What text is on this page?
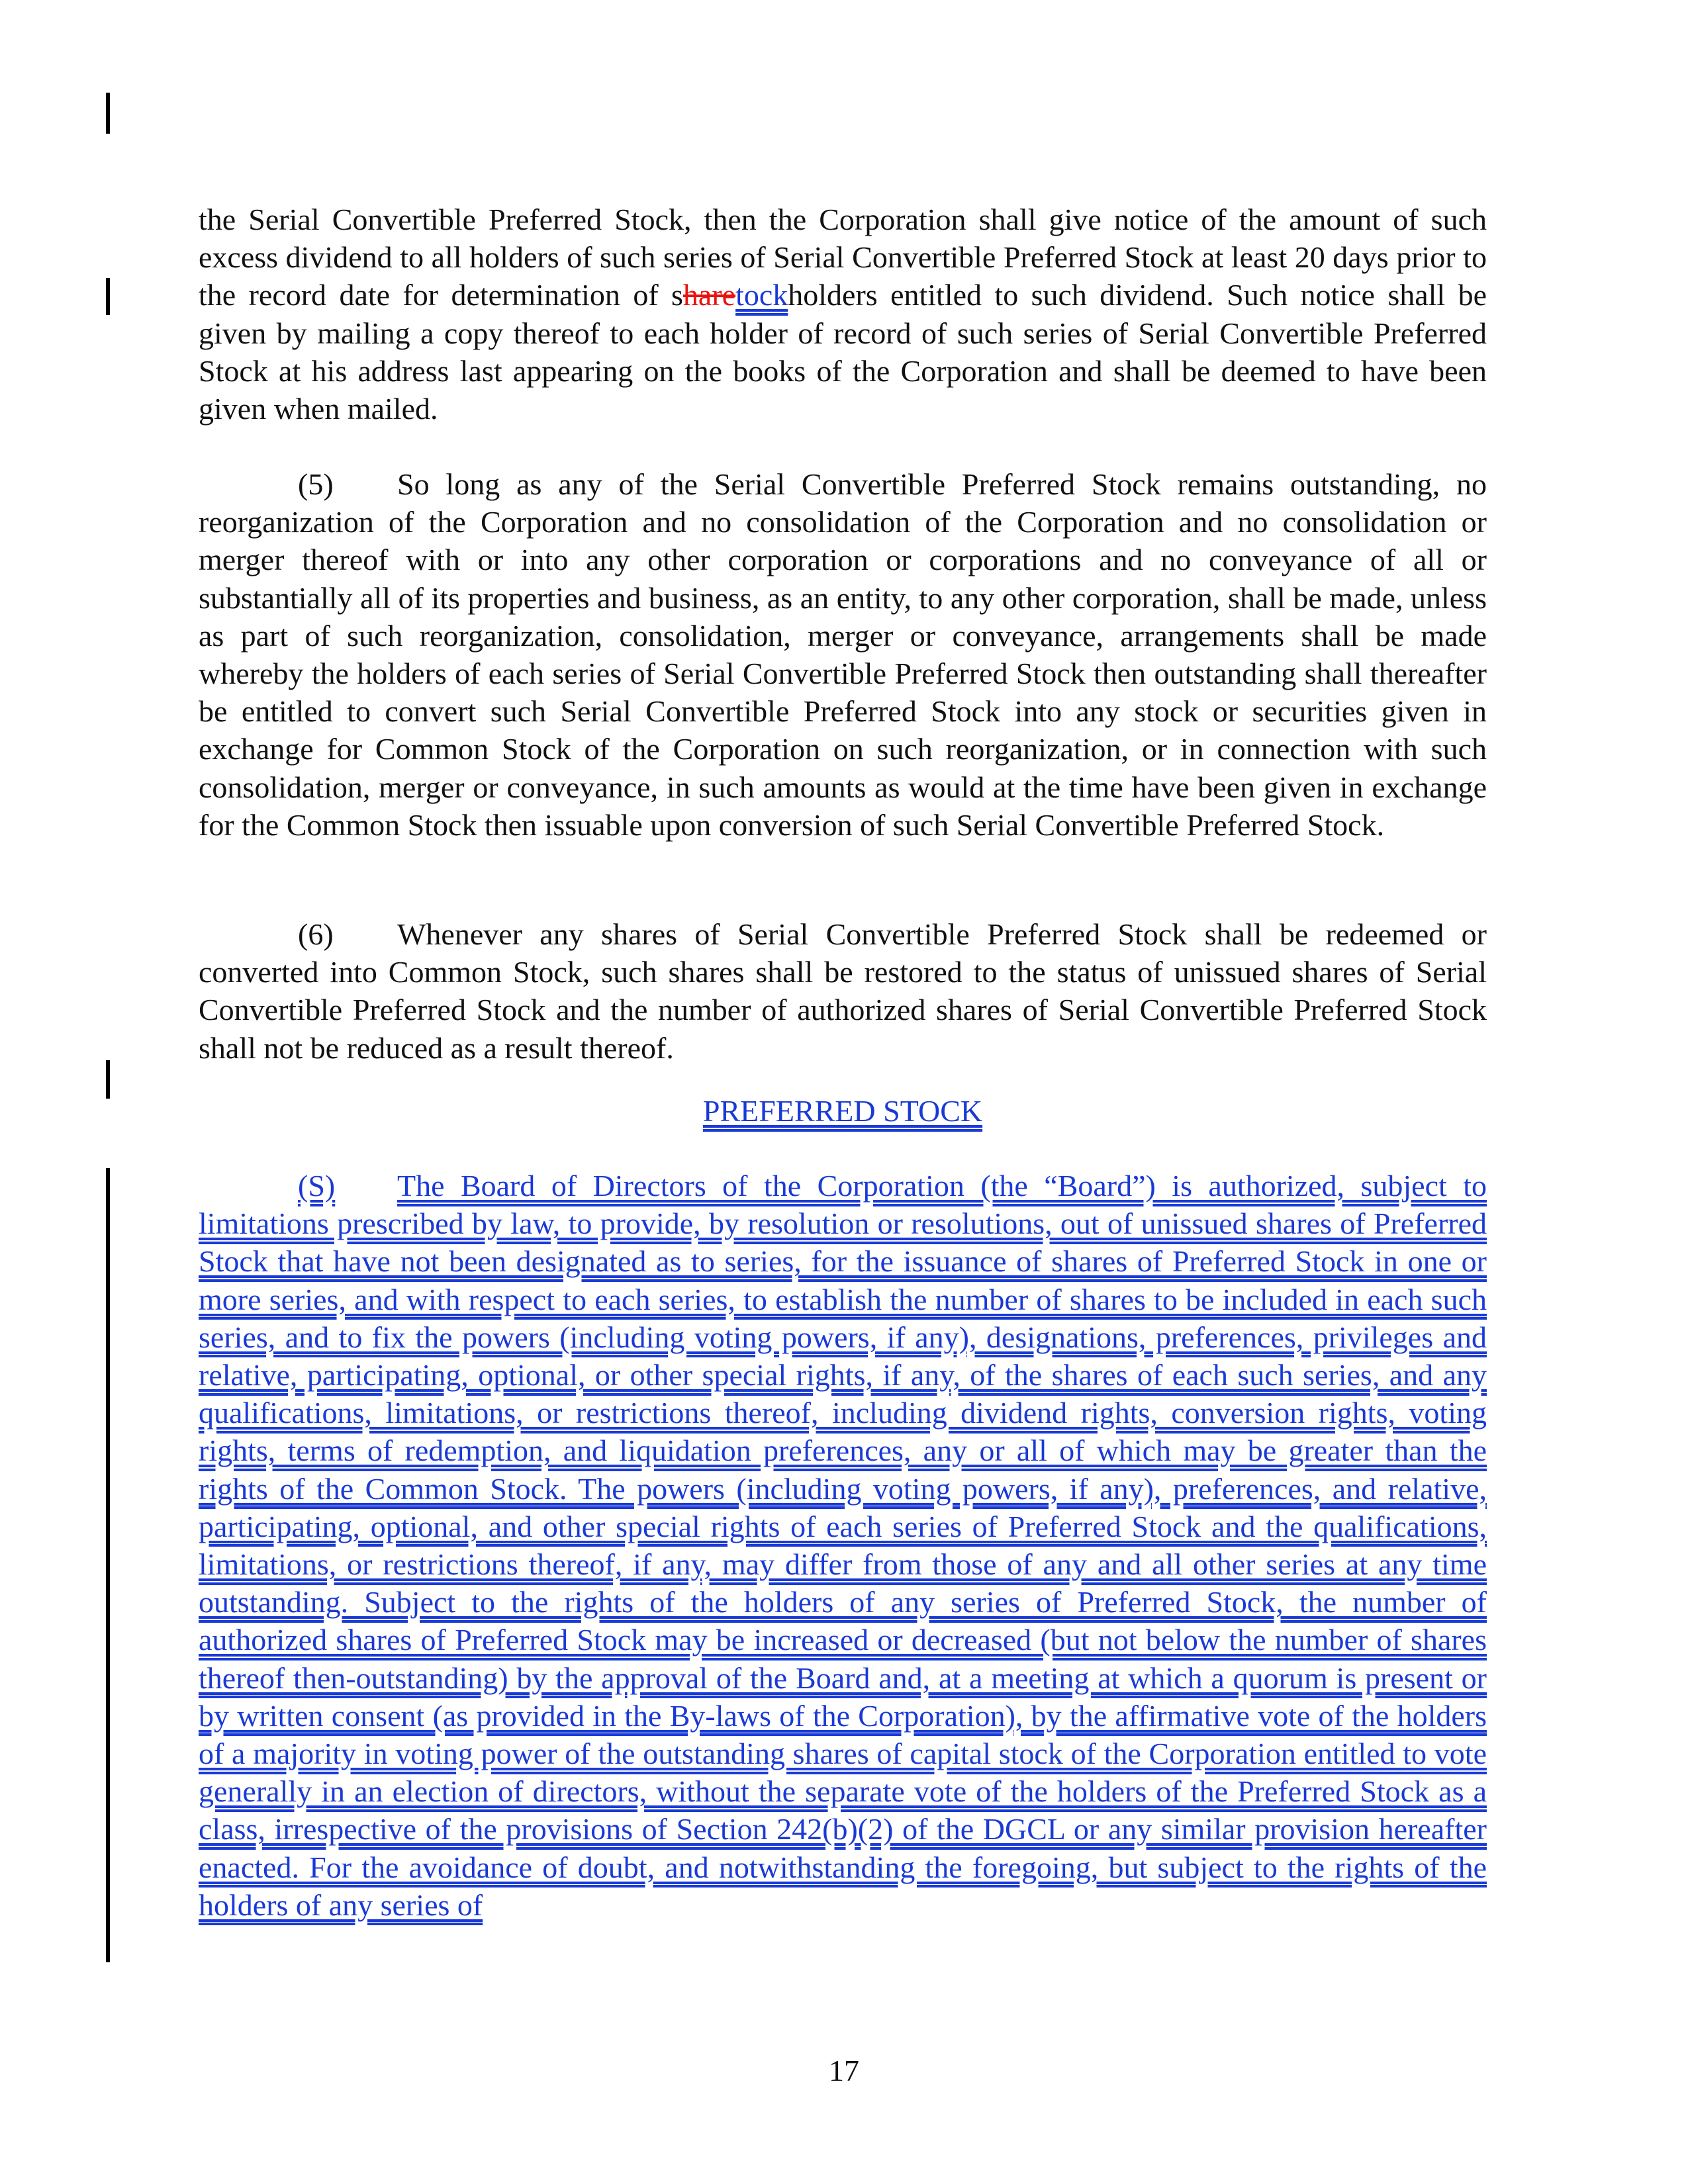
the Serial Convertible Preferred Stock, then the Corporation shall give notice of the amount of such excess dividend to all holders of such series of Serial Convertible Preferred Stock at least 20 days prior to the record date for determination of sharetockholders entitled to such dividend. Such notice shall be given by mailing a copy thereof to each holder of record of such series of Serial Convertible Preferred Stock at his address last appearing on the books of the Corporation and shall be deemed to have been given when mailed.

(5) So long as any of the Serial Convertible Preferred Stock remains outstanding, no reorganization of the Corporation and no consolidation of the Corporation and no consolidation or merger thereof with or into any other corporation or corporations and no conveyance of all or substantially all of its properties and business, as an entity, to any other corporation, shall be made, unless as part of such reorganization, consolidation, merger or conveyance, arrangements shall be made whereby the holders of each series of Serial Convertible Preferred Stock then outstanding shall thereafter be entitled to convert such Serial Convertible Preferred Stock into any stock or securities given in exchange for Common Stock of the Corporation on such reorganization, or in connection with such consolidation, merger or conveyance, in such amounts as would at the time have been given in exchange for the Common Stock then issuable upon conversion of such Serial Convertible Preferred Stock.

(6) Whenever any shares of Serial Convertible Preferred Stock shall be redeemed or converted into Common Stock, such shares shall be restored to the status of unissued shares of Serial Convertible Preferred Stock and the number of authorized shares of Serial Convertible Preferred Stock shall not be reduced as a result thereof.

PREFERRED STOCK

(S) The Board of Directors of the Corporation (the “Board”) is authorized, subject to limitations prescribed by law, to provide, by resolution or resolutions, out of unissued shares of Preferred Stock that have not been designated as to series, for the issuance of shares of Preferred Stock in one or more series, and with respect to each series, to establish the number of shares to be included in each such series, and to fix the powers (including voting powers, if any), designations, preferences, privileges and relative, participating, optional, or other special rights, if any, of the shares of each such series, and any qualifications, limitations, or restrictions thereof, including dividend rights, conversion rights, voting rights, terms of redemption, and liquidation preferences, any or all of which may be greater than the rights of the Common Stock. The powers (including voting powers, if any), preferences, and relative, participating, optional, and other special rights of each series of Preferred Stock and the qualifications, limitations, or restrictions thereof, if any, may differ from those of any and all other series at any time outstanding. Subject to the rights of the holders of any series of Preferred Stock, the number of authorized shares of Preferred Stock may be increased or decreased (but not below the number of shares thereof then-outstanding) by the approval of the Board and, at a meeting at which a quorum is present or by written consent (as provided in the By-laws of the Corporation), by the affirmative vote of the holders of a majority in voting power of the outstanding shares of capital stock of the Corporation entitled to vote generally in an election of directors, without the separate vote of the holders of the Preferred Stock as a class, irrespective of the provisions of Section 242(b)(2) of the DGCL or any similar provision hereafter enacted. For the avoidance of doubt, and notwithstanding the foregoing, but subject to the rights of the holders of any series of

17
